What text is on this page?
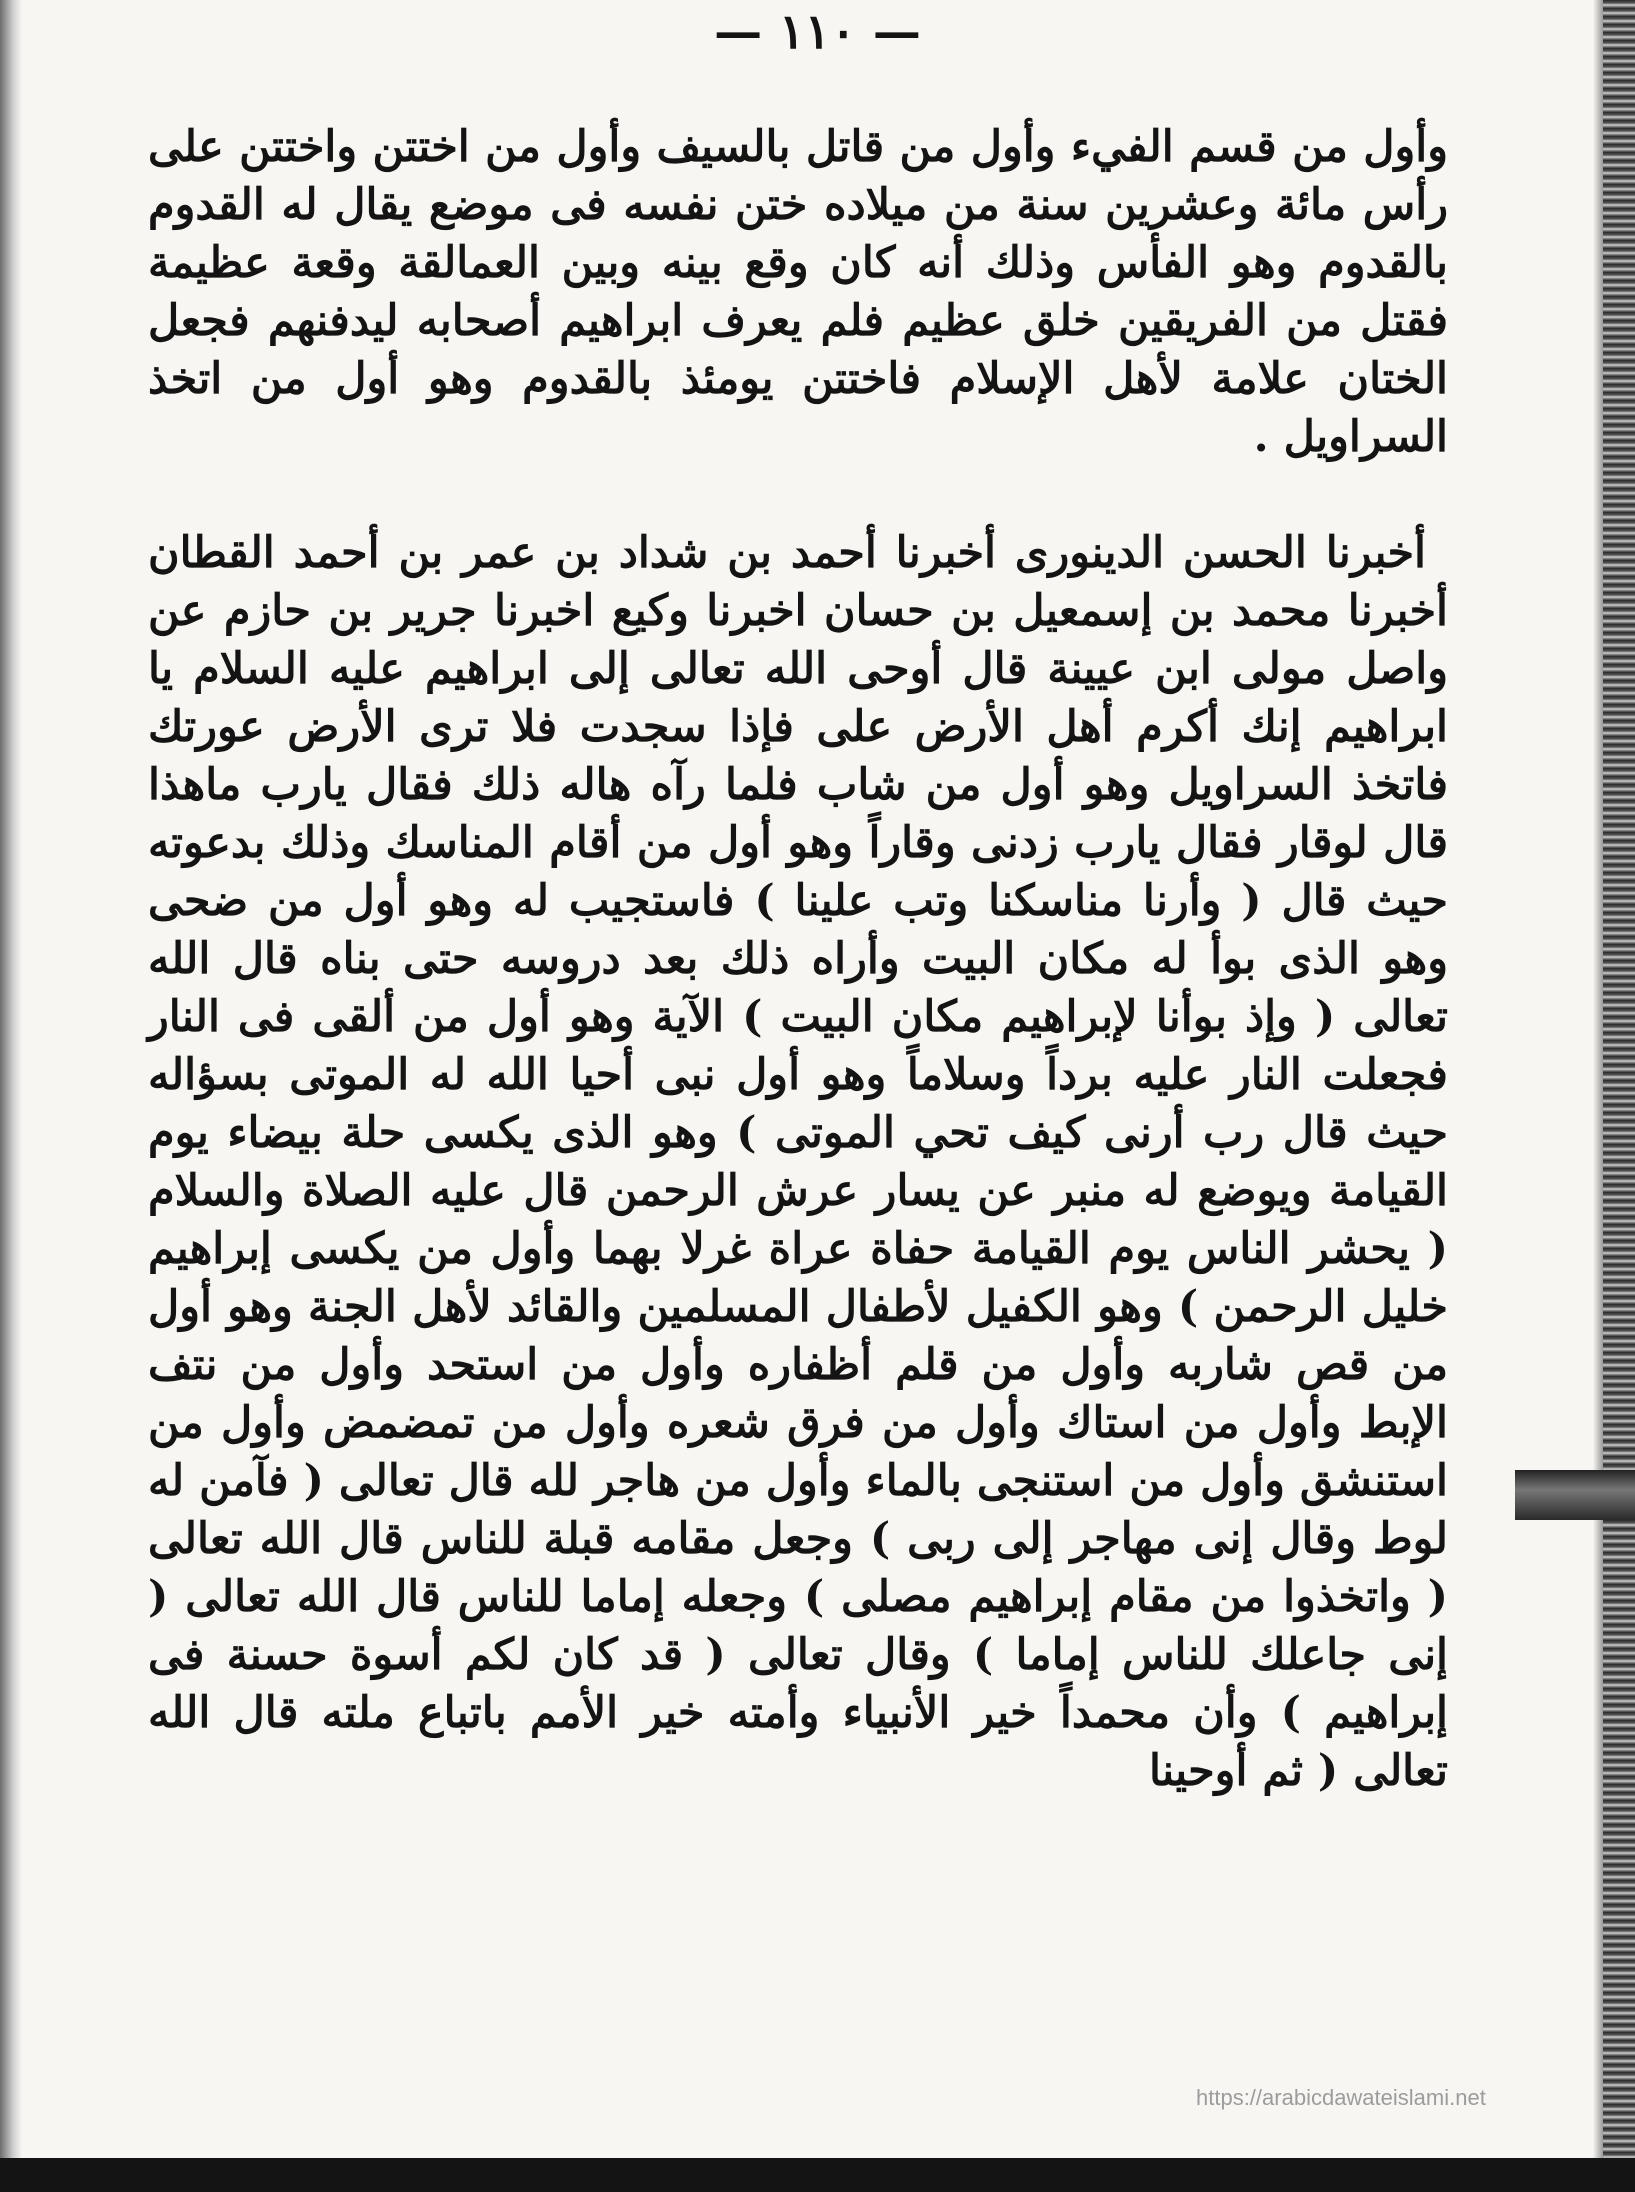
— ١١٠ —

وأول من قسم الفيء وأول من قاتل بالسيف وأول من اختتن واختتن على رأس مائة وعشرين سنة من ميلاده ختن نفسه فى موضع يقال له القدوم بالقدوم وهو الفأس وذلك أنه كان وقع بينه وبين العمالقة وقعة عظيمة فقتل من الفريقين خلق عظيم فلم يعرف ابراهيم أصحابه ليدفنهم فجعل الختان علامة لأهل الإسلام فاختتن يومئذ بالقدوم وهو أول من اتخذ السراويل .

أخبرنا الحسن الدينورى أخبرنا أحمد بن شداد بن عمر بن أحمد القطان أخبرنا محمد بن إسمعيل بن حسان اخبرنا وكيع اخبرنا جرير بن حازم عن واصل مولى ابن عيينة قال أوحى الله تعالى إلى ابراهيم عليه السلام يا ابراهيم إنك أكرم أهل الأرض على فإذا سجدت فلا ترى الأرض عورتك فاتخذ السراويل وهو أول من شاب فلما رآه هاله ذلك فقال يارب ماهذا قال لوقار فقال يارب زدنى وقاراً وهو أول من أقام المناسك وذلك بدعوته حيث قال ( وأرنا مناسكنا وتب علينا ) فاستجيب له وهو أول من ضحى وهو الذى بوأ له مكان البيت وأراه ذلك بعد دروسه حتى بناه قال الله تعالى ( وإذ بوأنا لإبراهيم مكان البيت ) الآية وهو أول من ألقى فى النار فجعلت النار عليه برداً وسلاماً وهو أول نبى أحيا الله له الموتى بسؤاله حيث قال رب أرنى كيف تحي الموتى ) وهو الذى يكسى حلة بيضاء يوم القيامة ويوضع له منبر عن يسار عرش الرحمن قال عليه الصلاة والسلام ( يحشر الناس يوم القيامة حفاة عراة غرلا بهما وأول من يكسى إبراهيم خليل الرحمن ) وهو الكفيل لأطفال المسلمين والقائد لأهل الجنة وهو أول من قص شاربه وأول من قلم أظفاره وأول من استحد وأول من نتف الإبط وأول من استاك وأول من فرق شعره وأول من تمضمض وأول من استنشق وأول من استنجى بالماء وأول من هاجر لله قال تعالى ( فآمن له لوط وقال إنى مهاجر إلى ربى ) وجعل مقامه قبلة للناس قال الله تعالى ( واتخذوا من مقام إبراهيم مصلى ) وجعله إماما للناس قال الله تعالى ( إنى جاعلك للناس إماما ) وقال تعالى ( قد كان لكم أسوة حسنة فى إبراهيم ) وأن محمداً خير الأنبياء وأمته خير الأمم باتباع ملته قال الله تعالى ( ثم أوحينا

https://arabicdawateislami.net
